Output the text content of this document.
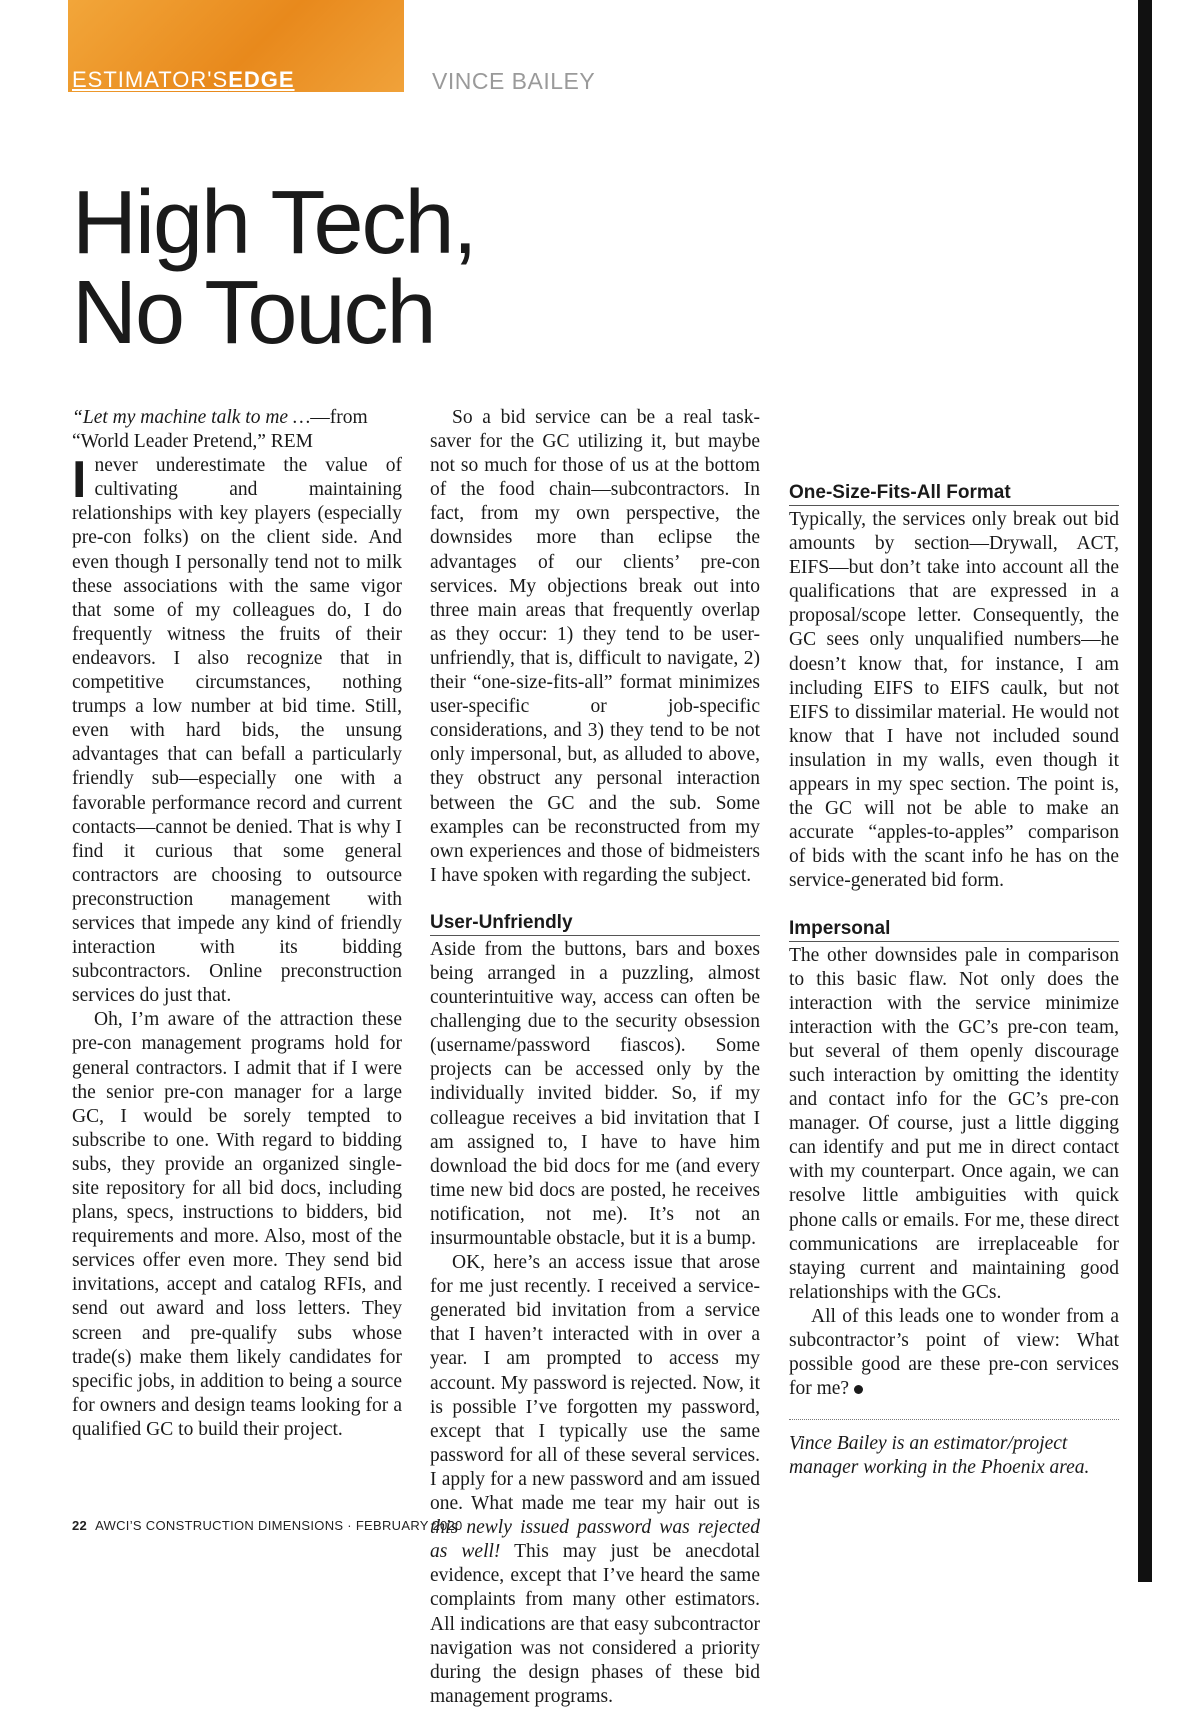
ESTIMATOR'SEDGE	VINCE BAILEY
High Tech,
No Touch

“Let my machine talk to me …—from “World Leader Pretend,” REM

I never underestimate the value of cultivating and maintaining relationships with key players (especially pre-con folks) on the client side. And even though I personally tend not to milk these associations with the same vigor that some of my colleagues do, I do frequently witness the fruits of their endeavors. I also recognize that in competitive circumstances, nothing trumps a low number at bid time. Still, even with hard bids, the unsung advantages that can befall a particularly friendly sub—especially one with a favorable performance record and current contacts—cannot be denied. That is why I find it curious that some general contractors are choosing to outsource preconstruction management with services that impede any kind of friendly interaction with its bidding subcontractors. Online preconstruction services do just that.

Oh, I’m aware of the attraction these pre-con management programs hold for general contractors. I admit that if I were the senior pre-con manager for a large GC, I would be sorely tempted to subscribe to one. With regard to bidding subs, they provide an organized single-site repository for all bid docs, including plans, specs, instructions to bidders, bid requirements and more. Also, most of the services offer even more. They send bid invitations, accept and catalog RFIs, and send out award and loss letters. They screen and pre-qualify subs whose trade(s) make them likely candidates for specific jobs, in addition to being a source for owners and design teams looking for a qualified GC to build their project.

So a bid service can be a real task-saver for the GC utilizing it, but maybe not so much for those of us at the bottom of the food chain—subcontractors. In fact, from my own perspective, the downsides more than eclipse the advantages of our clients’ pre-con services. My objections break out into three main areas that frequently overlap as they occur: 1) they tend to be user-unfriendly, that is, difficult to navigate, 2) their “one-size-fits-all” format minimizes user-specific or job-specific considerations, and 3) they tend to be not only impersonal, but, as alluded to above, they obstruct any personal interaction between the GC and the sub. Some examples can be reconstructed from my own experiences and those of bidmeisters I have spoken with regarding the subject.

User-Unfriendly

Aside from the buttons, bars and boxes being arranged in a puzzling, almost counterintuitive way, access can often be challenging due to the security obsession (username/password fiascos). Some projects can be accessed only by the individually invited bidder. So, if my colleague receives a bid invitation that I am assigned to, I have to have him download the bid docs for me (and every time new bid docs are posted, he receives notification, not me). It’s not an insurmountable obstacle, but it is a bump.

OK, here’s an access issue that arose for me just recently. I received a service-generated bid invitation from a service that I haven’t interacted with in over a year. I am prompted to access my account. My password is rejected. Now, it is possible I’ve forgotten my password, except that I typically use the same password for all of these several services. I apply for a new password and am issued one. What made me tear my hair out is this newly issued password was rejected as well! This may just be anecdotal evidence, except that I’ve heard the same complaints from many other estimators. All indications are that easy subcontractor navigation was not considered a priority during the design phases of these bid management programs.

One-Size-Fits-All Format

Typically, the services only break out bid amounts by section—Drywall, ACT, EIFS—but don’t take into account all the qualifications that are expressed in a proposal/scope letter. Consequently, the GC sees only unqualified numbers—he doesn’t know that, for instance, I am including EIFS to EIFS caulk, but not EIFS to dissimilar material. He would not know that I have not included sound insulation in my walls, even though it appears in my spec section. The point is, the GC will not be able to make an accurate “apples-to-apples” comparison of bids with the scant info he has on the service-generated bid form.

Impersonal

The other downsides pale in comparison to this basic flaw. Not only does the interaction with the service minimize interaction with the GC’s pre-con team, but several of them openly discourage such interaction by omitting the identity and contact info for the GC’s pre-con manager. Of course, just a little digging can identify and put me in direct contact with my counterpart. Once again, we can resolve little ambiguities with quick phone calls or emails. For me, these direct communications are irreplaceable for staying current and maintaining good relationships with the GCs.

All of this leads one to wonder from a subcontractor’s point of view: What possible good are these pre-con services for me?

Vince Bailey is an estimator/project manager working in the Phoenix area.

22 AWCI’S CONSTRUCTION DIMENSIONS · FEBRUARY 2020
